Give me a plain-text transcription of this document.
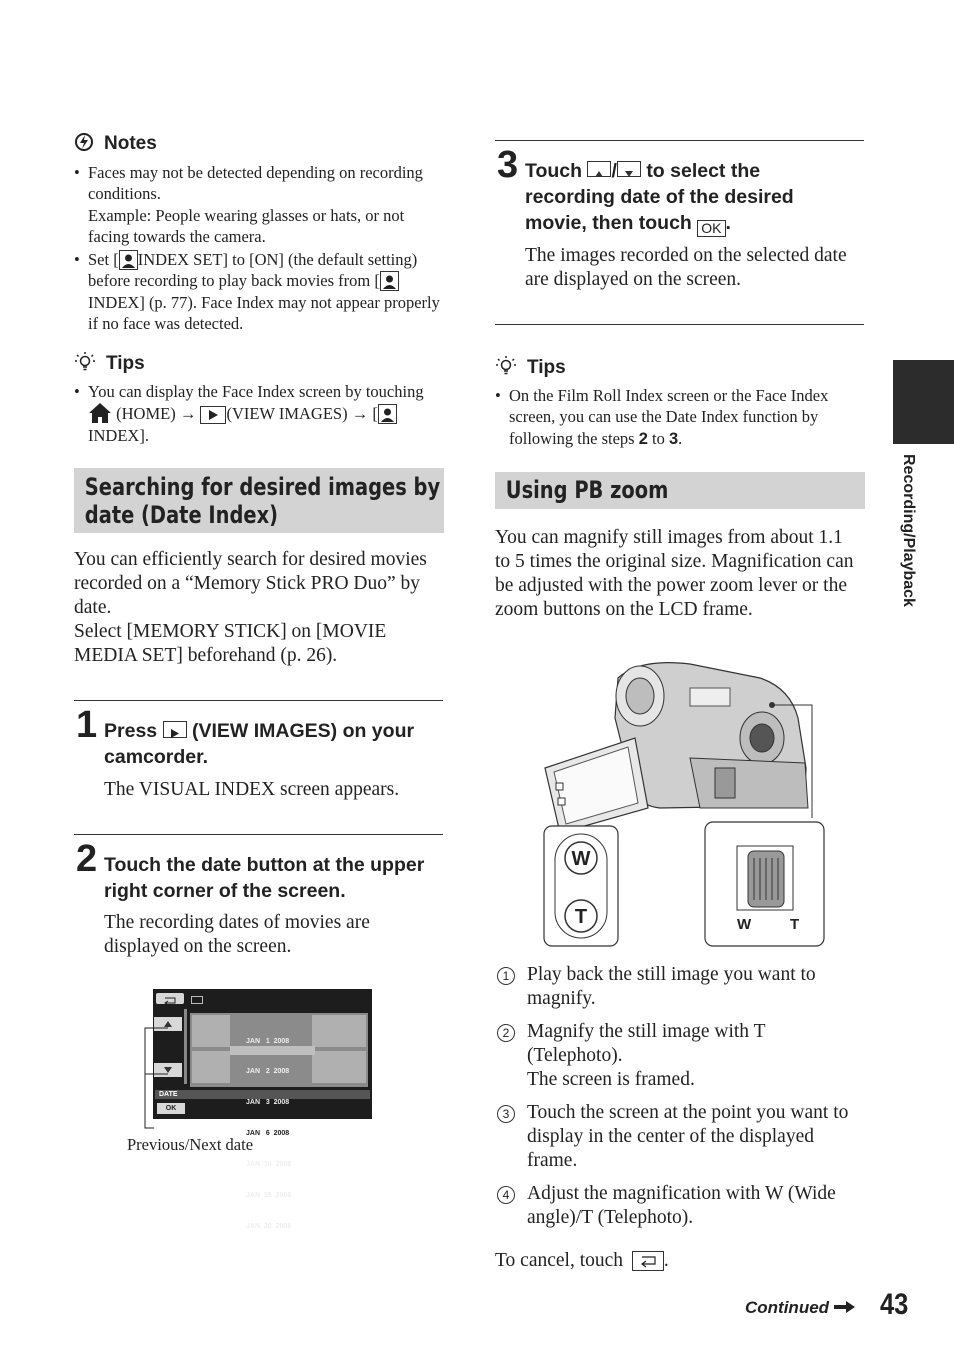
Notes
• Faces may not be detected depending on recording conditions.
Example: People wearing glasses or hats, or not facing towards the camera.
• Set [ INDEX SET] to [ON] (the default setting) before recording to play back movies from [INDEX] (p. 77). Face Index may not appear properly if no face was detected.
Tips
• You can display the Face Index screen by touching  (HOME) → (VIEW IMAGES) → [INDEX].
Searching for desired images by date (Date Index)
You can efficiently search for desired movies recorded on a “Memory Stick PRO Duo” by date.
Select [MEMORY STICK] on [MOVIE MEDIA SET] beforehand (p. 26).
1 Press (VIEW IMAGES) on your camcorder.
The VISUAL INDEX screen appears.
2 Touch the date button at the upper right corner of the screen.
The recording dates of movies are displayed on the screen.

JAN   1  2008

JAN   2  2008

JAN   3  2008

JAN   6  2008

JAN  10  2008

JAN  15  2008

JAN  20  2008

DATE
OK
Previous/Next date
3 Touch / to select the recording date of the desired movie, then touch OK .
The images recorded on the selected date are displayed on the screen.
Tips
• On the Film Roll Index screen or the Face Index screen, you can use the Date Index function by following the steps 2 to 3.
Using PB zoom
You can magnify still images from about 1.1 to 5 times the original size. Magnification can be adjusted with the power zoom lever or the zoom buttons on the LCD frame.
W
T	W	T
1 Play back the still image you want to magnify.
2 Magnify the still image with T (Telephoto).
The screen is framed.
3 Touch the screen at the point you want to display in the center of the displayed frame.
4 Adjust the magnification with W (Wide angle)/T (Telephoto).
To cancel, touch .
Recording/Playback
Continued	43
